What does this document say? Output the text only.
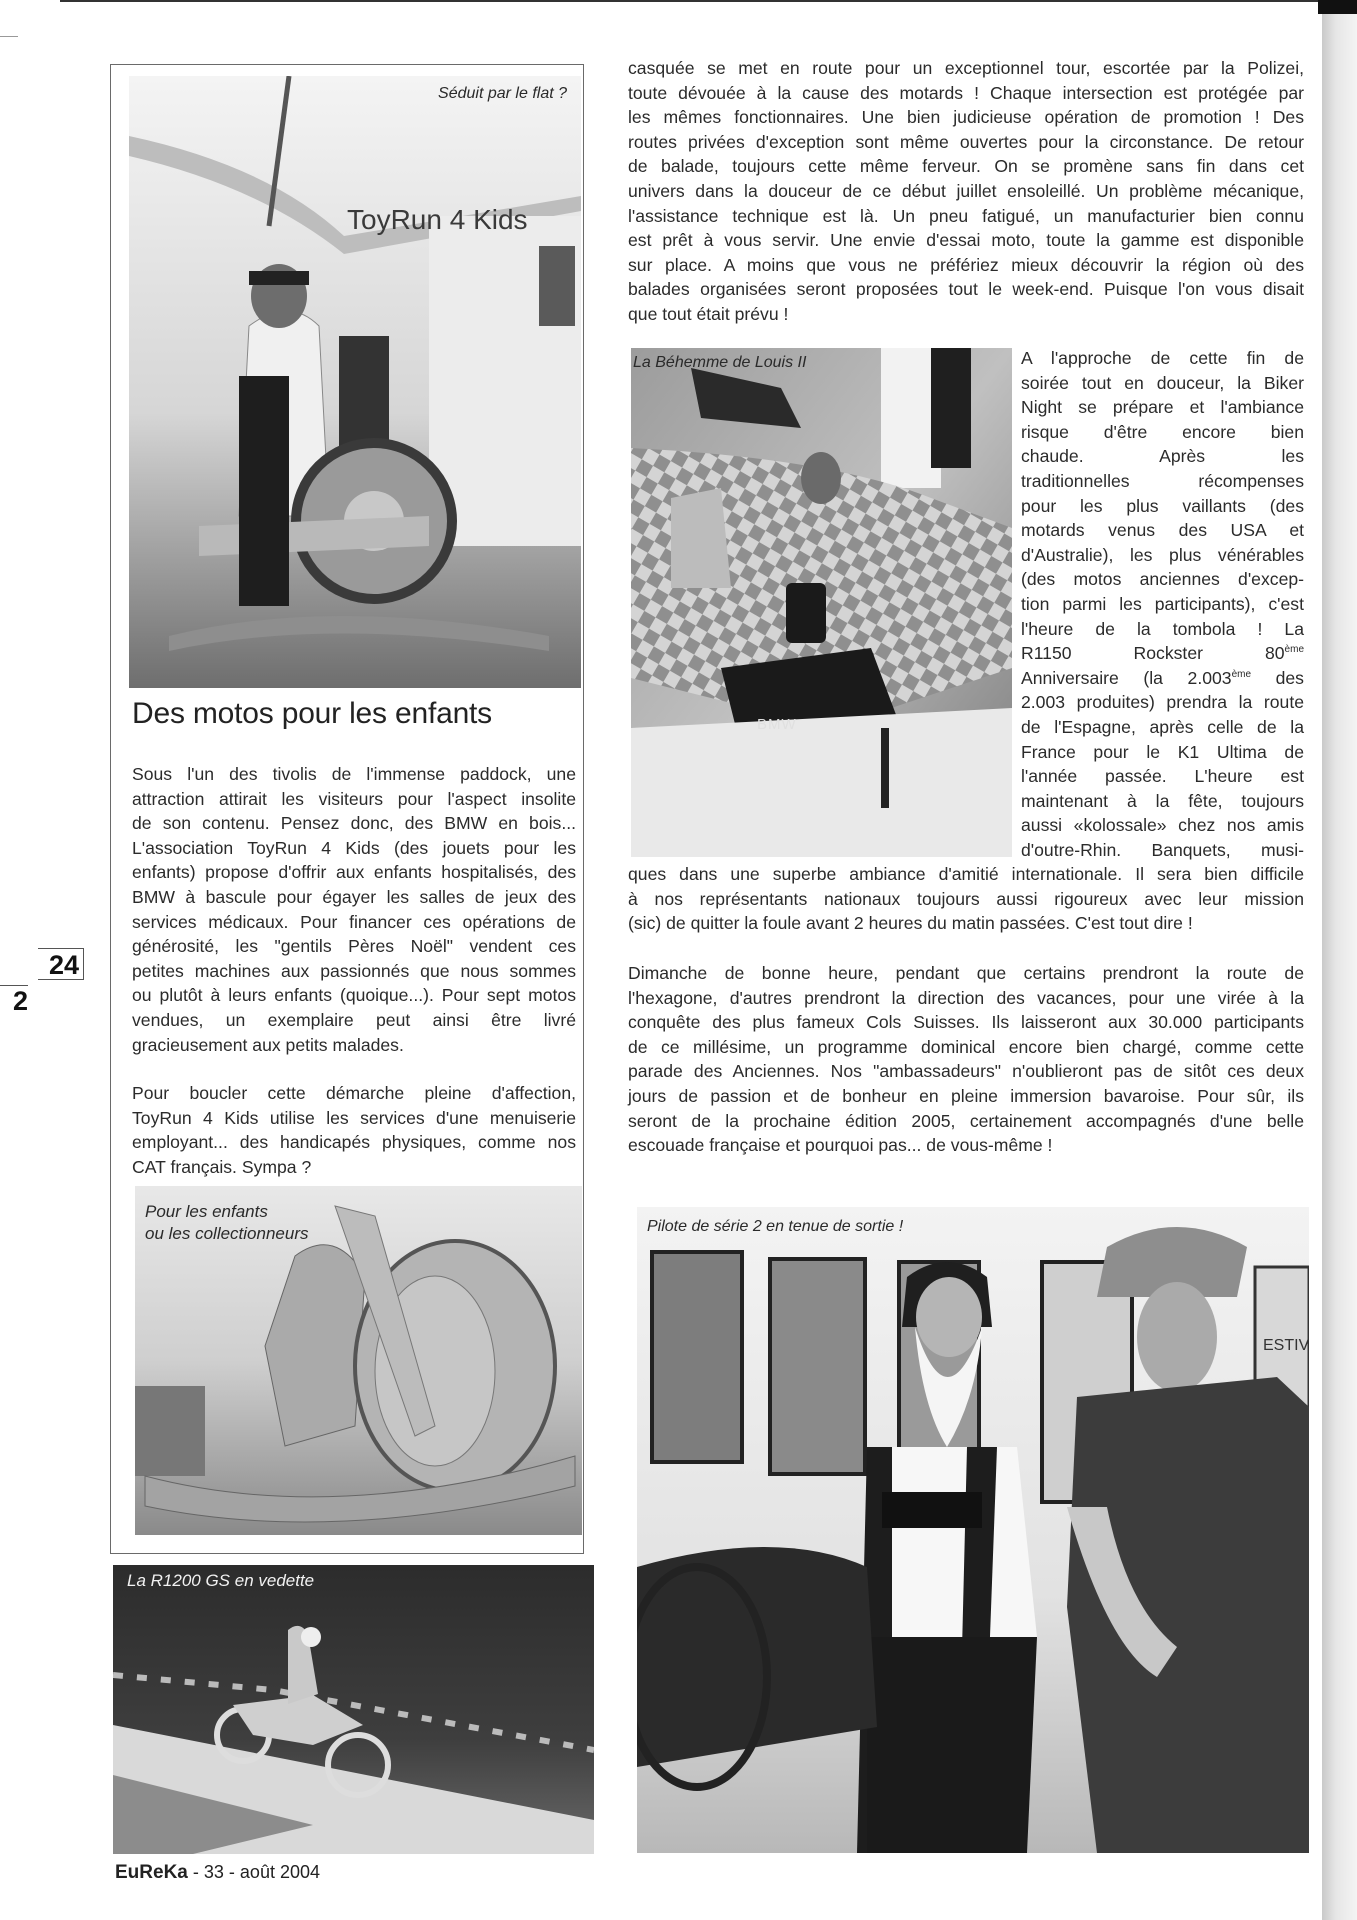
24
2
Séduit par le flat ?
ToyRun 4 Kids
Des motos pour les enfants
Sous l'un des tivolis de l'immense paddock, une
attraction attirait les visiteurs pour l'aspect insolite
de son contenu. Pensez donc, des BMW en bois...
L'association ToyRun 4 Kids (des jouets pour les
enfants) propose d'offrir aux enfants hospitalisés, des
BMW à bascule pour égayer les salles de jeux des
services médicaux. Pour financer ces opérations de
générosité, les "gentils Pères Noël" vendent ces
petites machines aux passionnés que nous sommes
ou plutôt à leurs enfants (quoique...). Pour sept motos
vendues, un exemplaire peut ainsi être livré
gracieusement aux petits malades.
Pour boucler cette démarche pleine d'affection,
ToyRun 4 Kids utilise les services d'une menuiserie
employant... des handicapés physiques, comme nos
CAT français. Sympa ?
Pour les enfants
ou les collectionneurs
La R1200 GS en vedette
EuReKa - 33 - août 2004
casquée se met en route pour un exceptionnel tour, escortée par la Polizei,
toute dévouée à la cause des motards ! Chaque intersection est protégée par
les mêmes fonctionnaires. Une bien judicieuse opération de promotion ! Des
routes privées d'exception sont même ouvertes pour la circonstance. De retour
de balade, toujours cette même ferveur. On se promène sans fin dans cet
univers dans la douceur de ce début juillet ensoleillé. Un problème mécanique,
l'assistance technique est là. Un pneu fatigué, un manufacturier bien connu
est prêt à vous servir. Une envie d'essai moto, toute la gamme est disponible
sur place. A moins que vous ne préfériez mieux découvrir la région où des
balades organisées seront proposées tout le week-end. Puisque l'on vous disait
que tout était prévu !
La Béhemme de Louis II
BMW
A l'approche de cette fin de
soirée tout en douceur, la Biker
Night se prépare et l'ambiance
risque d'être encore bien
chaude. Après les
traditionnelles récompenses
pour les plus vaillants (des
motards venus des USA et
d'Australie), les plus vénérables
(des motos anciennes d'excep-
tion parmi les participants), c'est
l'heure de la tombola ! La
R1150 Rockster 80ème
Anniversaire (la 2.003ème des
2.003 produites) prendra la route
de l'Espagne, après celle de la
France pour le K1 Ultima de
l'année passée. L'heure est
maintenant à la fête, toujours
aussi «kolossale» chez nos amis
d'outre-Rhin. Banquets, musi-
ques dans une superbe ambiance d'amitié internationale. Il sera bien difficile
à nos représentants nationaux toujours aussi rigoureux avec leur mission
(sic) de quitter la foule avant 2 heures du matin passées. C'est tout dire !
Dimanche de bonne heure, pendant que certains prendront la route de
l'hexagone, d'autres prendront la direction des vacances, pour une virée à la
conquête des plus fameux Cols Suisses. Ils laisseront aux 30.000 participants
de ce millésime, un programme dominical encore bien chargé, comme cette
parade des Anciennes. Nos "ambassadeurs" n'oublieront pas de sitôt ces deux
jours de passion et de bonheur en pleine immersion bavaroise. Pour sûr, ils
seront de la prochaine édition 2005, certainement accompagnés d'une belle
escouade française et pourquoi pas... de vous-même !
Pilote de série 2 en tenue de sortie !
ESTIV
